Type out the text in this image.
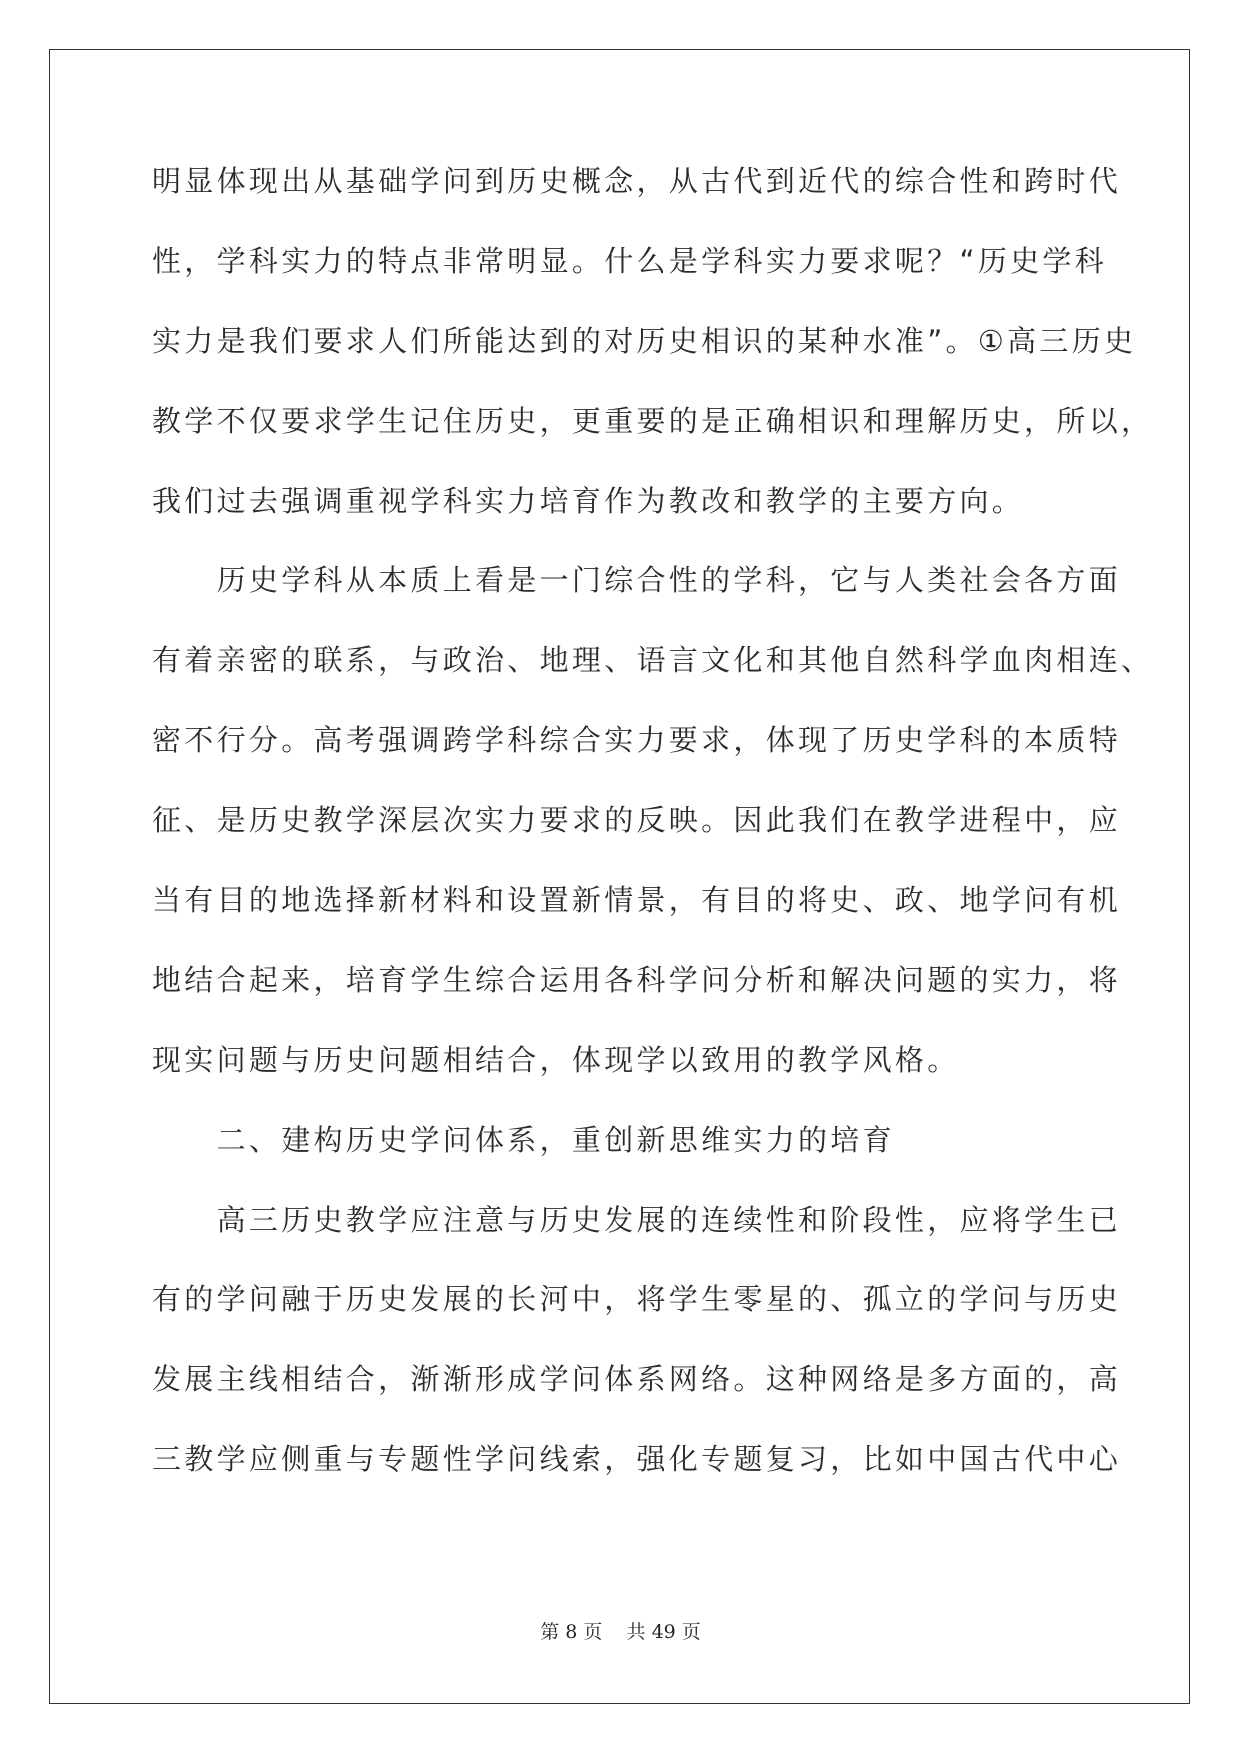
明显体现出从基础学问到历史概念，从古代到近代的综合性和跨时代
性，学科实力的特点非常明显。什么是学科实力要求呢？“历史学科
实力是我们要求人们所能达到的对历史相识的某种水准”。①高三历史
教学不仅要求学生记住历史，更重要的是正确相识和理解历史，所以，
我们过去强调重视学科实力培育作为教改和教学的主要方向。
　　历史学科从本质上看是一门综合性的学科，它与人类社会各方面
有着亲密的联系，与政治、地理、语言文化和其他自然科学血肉相连、
密不行分。高考强调跨学科综合实力要求，体现了历史学科的本质特
征、是历史教学深层次实力要求的反映。因此我们在教学进程中，应
当有目的地选择新材料和设置新情景，有目的将史、政、地学问有机
地结合起来，培育学生综合运用各科学问分析和解决问题的实力，将
现实问题与历史问题相结合，体现学以致用的教学风格。
　　二、建构历史学问体系，重创新思维实力的培育
　　高三历史教学应注意与历史发展的连续性和阶段性，应将学生已
有的学问融于历史发展的长河中，将学生零星的、孤立的学问与历史
发展主线相结合，渐渐形成学问体系网络。这种网络是多方面的，高
三教学应侧重与专题性学问线索，强化专题复习，比如中国古代中心
第 8 页 共 49 页
